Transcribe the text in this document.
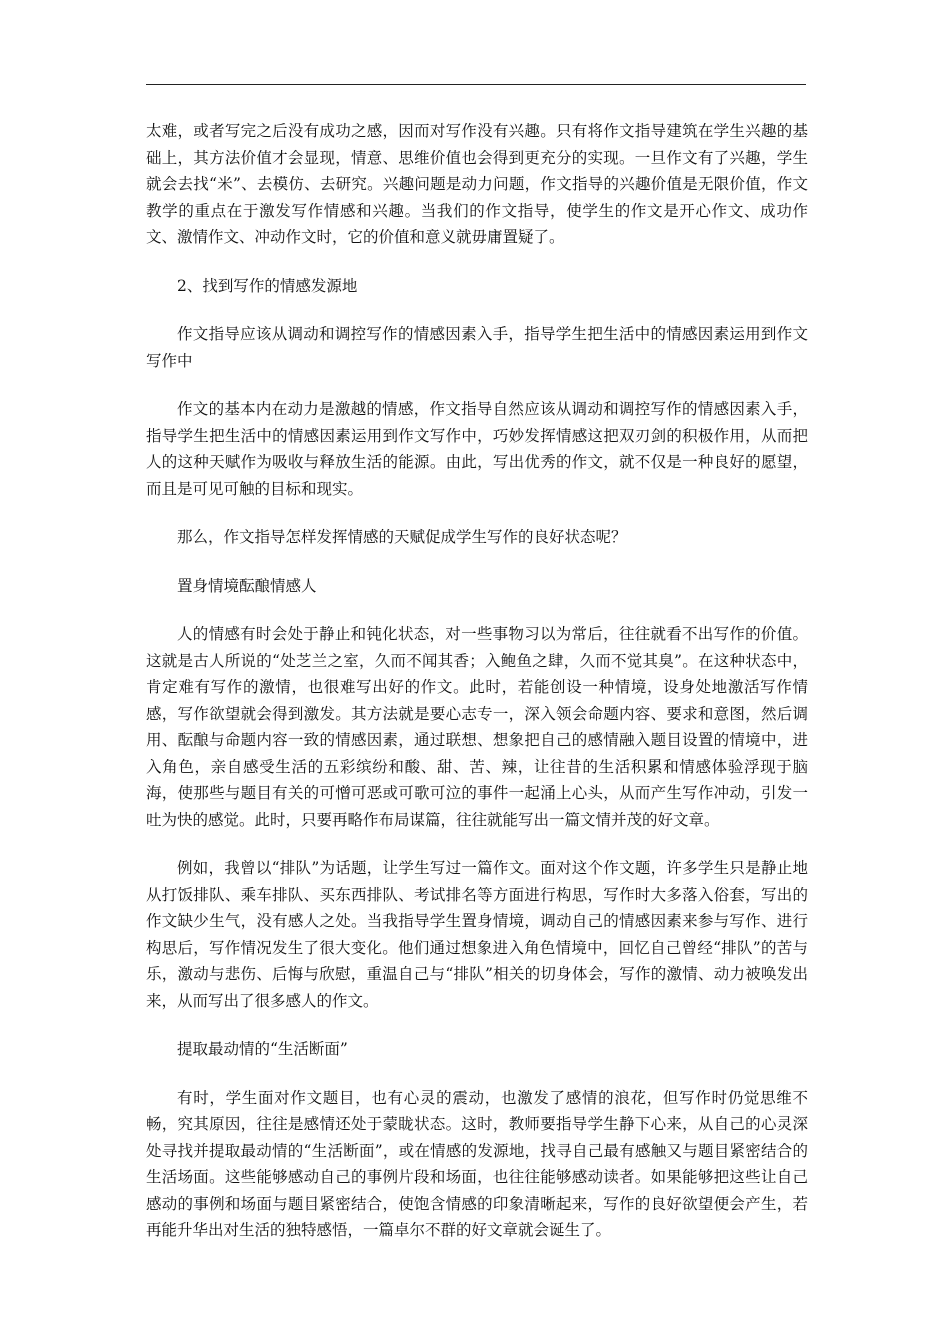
太难，或者写完之后没有成功之感，因而对写作没有兴趣。只有将作文指导建筑在学生兴趣的基础上，其方法价值才会显现，情意、思维价值也会得到更充分的实现。一旦作文有了兴趣，学生就会去找“米”、去模仿、去研究。兴趣问题是动力问题，作文指导的兴趣价值是无限价值，作文教学的重点在于激发写作情感和兴趣。当我们的作文指导，使学生的作文是开心作文、成功作文、激情作文、冲动作文时，它的价值和意义就毋庸置疑了。

2、找到写作的情感发源地

作文指导应该从调动和调控写作的情感因素入手，指导学生把生活中的情感因素运用到作文写作中

作文的基本内在动力是激越的情感，作文指导自然应该从调动和调控写作的情感因素入手，指导学生把生活中的情感因素运用到作文写作中，巧妙发挥情感这把双刃剑的积极作用，从而把人的这种天赋作为吸收与释放生活的能源。由此，写出优秀的作文，就不仅是一种良好的愿望，而且是可见可触的目标和现实。

那么，作文指导怎样发挥情感的天赋促成学生写作的良好状态呢？

置身情境酝酿情感人

人的情感有时会处于静止和钝化状态，对一些事物习以为常后，往往就看不出写作的价值。这就是古人所说的“处芝兰之室，久而不闻其香；入鲍鱼之肆，久而不觉其臭”。在这种状态中，肯定难有写作的激情，也很难写出好的作文。此时，若能创设一种情境，设身处地激活写作情感，写作欲望就会得到激发。其方法就是要心志专一，深入领会命题内容、要求和意图，然后调用、酝酿与命题内容一致的情感因素，通过联想、想象把自己的感情融入题目设置的情境中，进入角色，亲自感受生活的五彩缤纷和酸、甜、苦、辣，让往昔的生活积累和情感体验浮现于脑海，使那些与题目有关的可憎可恶或可歌可泣的事件一起涌上心头，从而产生写作冲动，引发一吐为快的感觉。此时，只要再略作布局谋篇，往往就能写出一篇文情并茂的好文章。

例如，我曾以“排队”为话题，让学生写过一篇作文。面对这个作文题，许多学生只是静止地从打饭排队、乘车排队、买东西排队、考试排名等方面进行构思，写作时大多落入俗套，写出的作文缺少生气，没有感人之处。当我指导学生置身情境，调动自己的情感因素来参与写作、进行构思后，写作情况发生了很大变化。他们通过想象进入角色情境中，回忆自己曾经“排队”的苦与乐，激动与悲伤、后悔与欣慰，重温自己与“排队”相关的切身体会，写作的激情、动力被唤发出来，从而写出了很多感人的作文。

提取最动情的“生活断面”

有时，学生面对作文题目，也有心灵的震动，也激发了感情的浪花，但写作时仍觉思维不畅，究其原因，往往是感情还处于蒙眬状态。这时，教师要指导学生静下心来，从自己的心灵深处寻找并提取最动情的“生活断面”，或在情感的发源地，找寻自己最有感触又与题目紧密结合的生活场面。这些能够感动自己的事例片段和场面，也往往能够感动读者。如果能够把这些让自己感动的事例和场面与题目紧密结合，使饱含情感的印象清晰起来，写作的良好欲望便会产生，若再能升华出对生活的独特感悟，一篇卓尔不群的好文章就会诞生了。
